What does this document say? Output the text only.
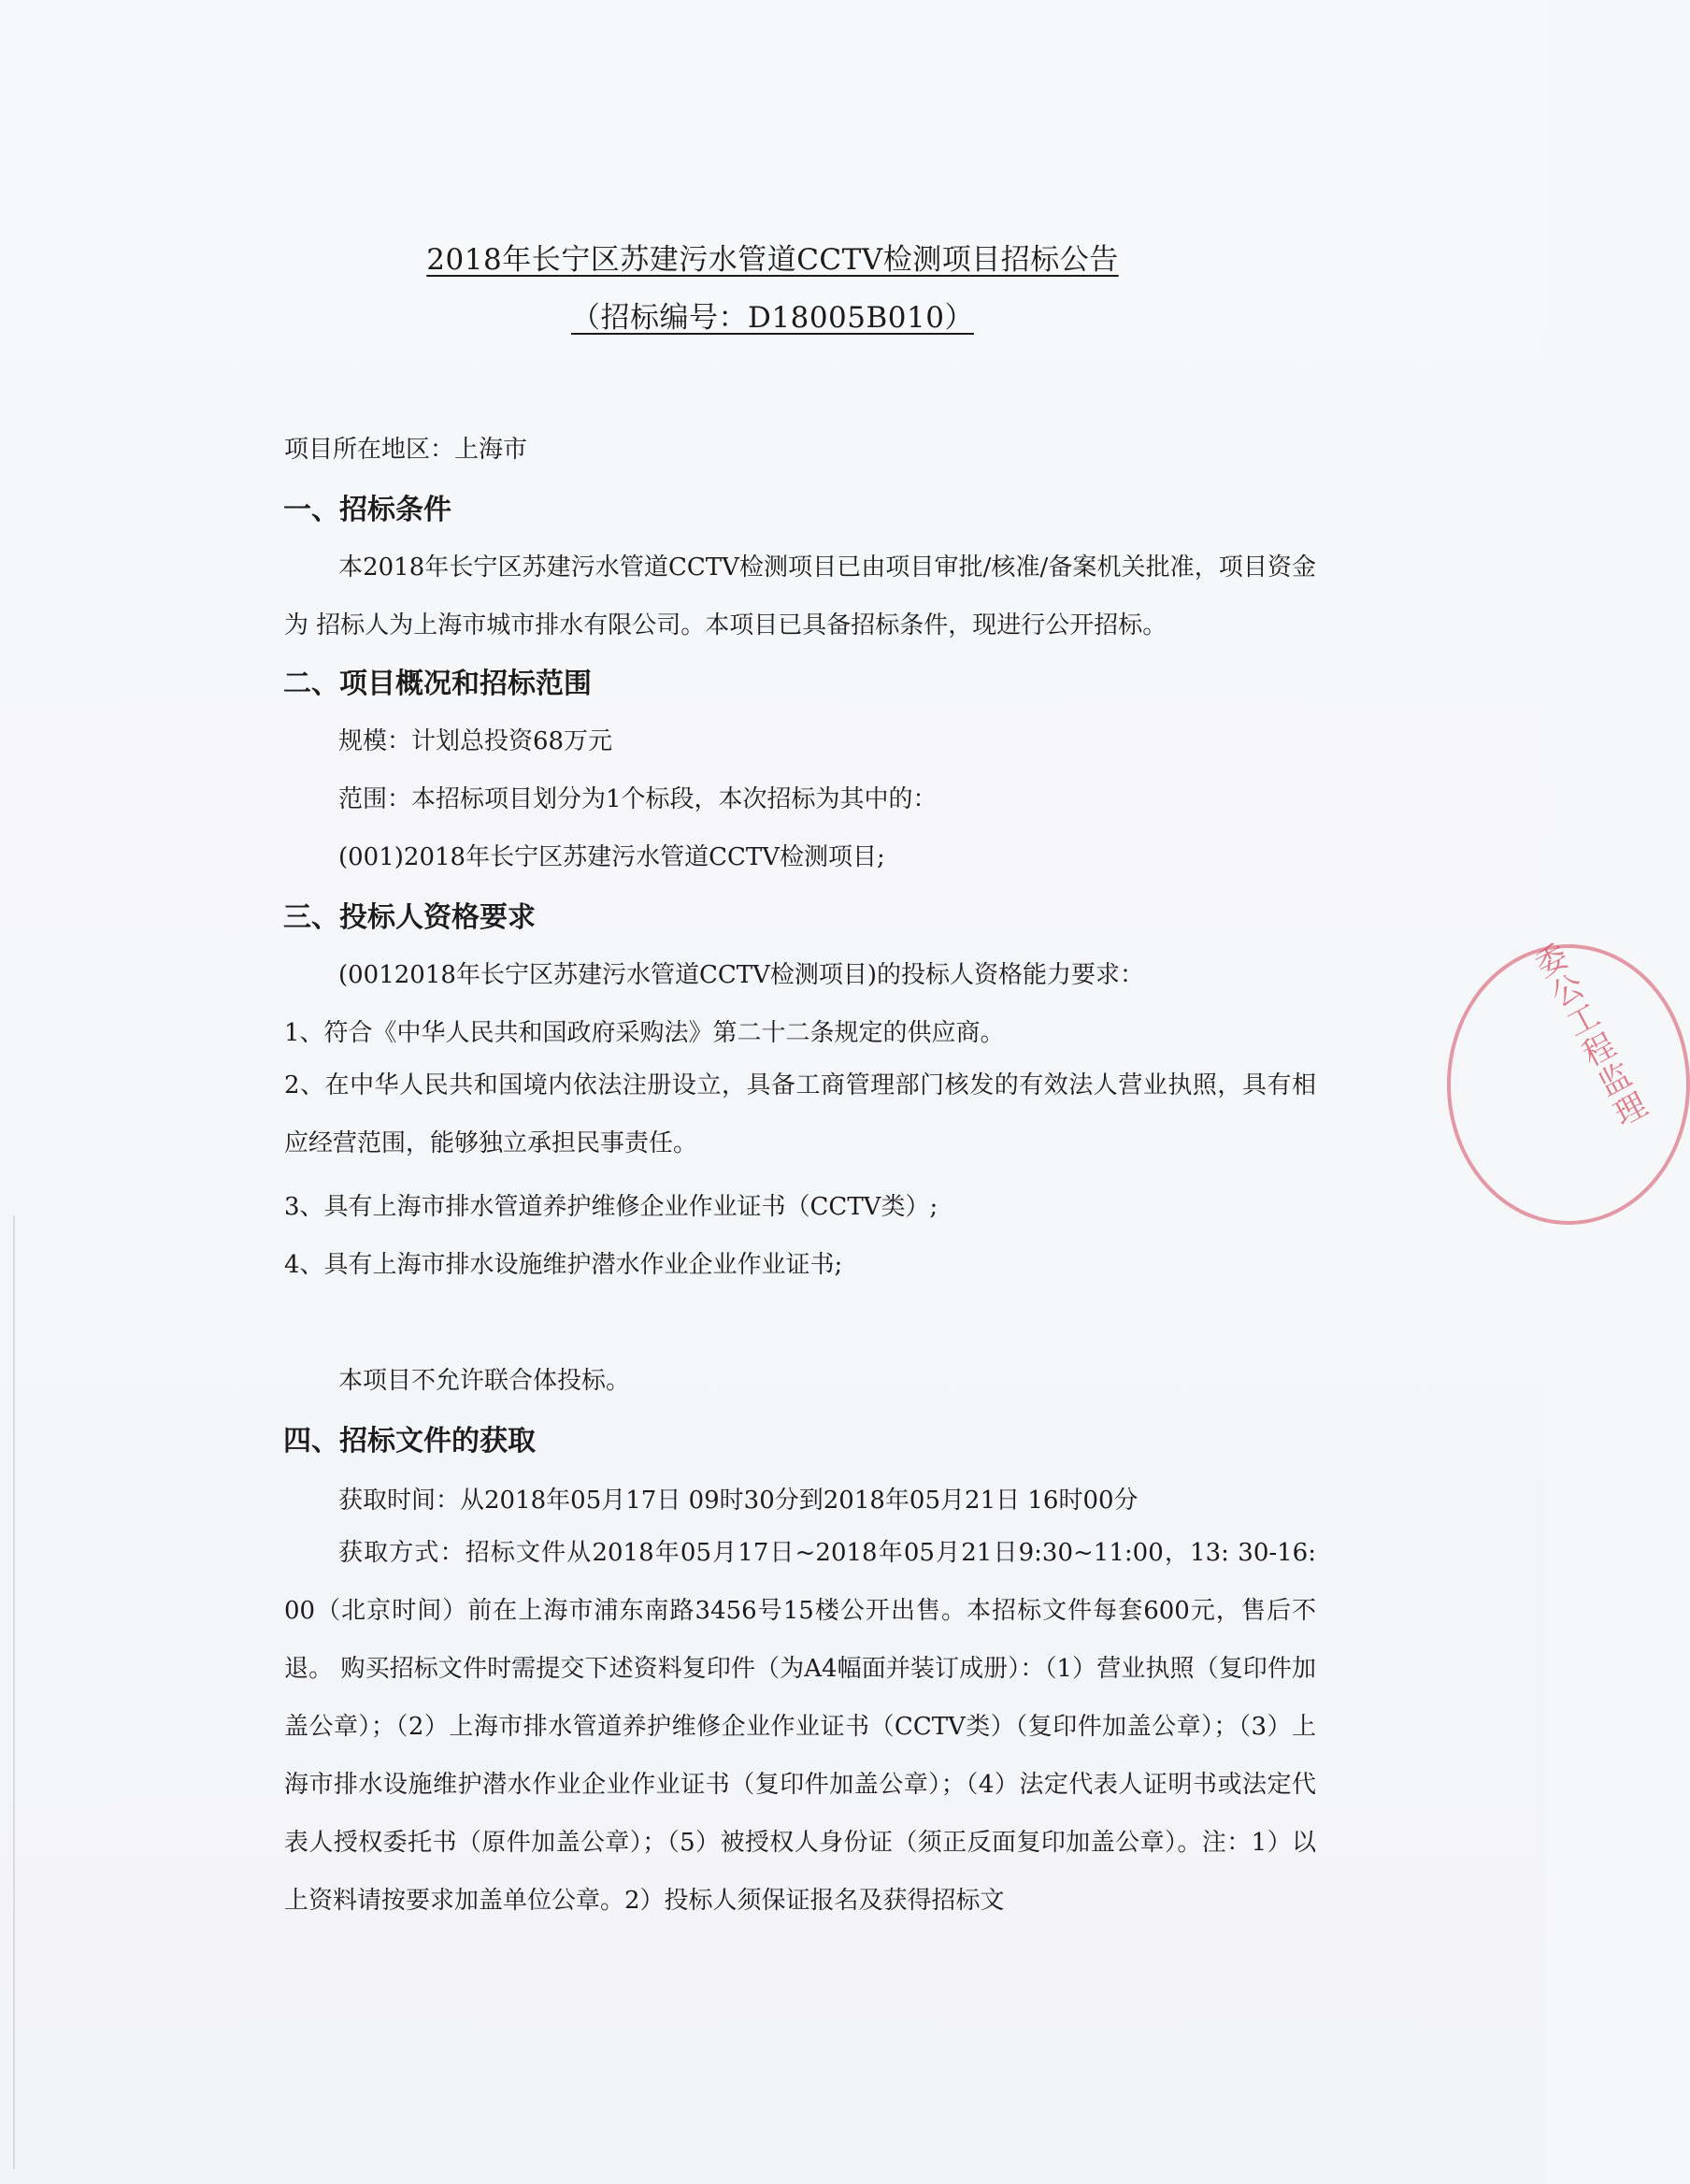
2018年长宁区苏建污水管道CCTV检测项目招标公告
（招标编号：D18005B010）
项目所在地区：上海市
一、招标条件
本2018年长宁区苏建污水管道CCTV检测项目已由项目审批/核准/备案机关批准，项目资金为 招标人为上海市城市排水有限公司。本项目已具备招标条件，现进行公开招标。
二、项目概况和招标范围
规模：计划总投资68万元
范围：本招标项目划分为1个标段，本次招标为其中的：
(001)2018年长宁区苏建污水管道CCTV检测项目;
三、投标人资格要求
(0012018年长宁区苏建污水管道CCTV检测项目)的投标人资格能力要求：
1、符合《中华人民共和国政府采购法》第二十二条规定的供应商。
2、在中华人民共和国境内依法注册设立，具备工商管理部门核发的有效法人营业执照，具有相应经营范围，能够独立承担民事责任。
3、具有上海市排水管道养护维修企业作业证书（CCTV类）;
4、具有上海市排水设施维护潜水作业企业作业证书;
本项目不允许联合体投标。
四、招标文件的获取
获取时间：从2018年05月17日 09时30分到2018年05月21日 16时00分
获取方式：招标文件从2018年05月17日~2018年05月21日9:30~11:00，13: 30-16: 00（北京时间）前在上海市浦东南路3456号15楼公开出售。本招标文件每套600元，售后不退。 购买招标文件时需提交下述资料复印件（为A4幅面并装订成册）：（1）营业执照（复印件加盖公章）；（2）上海市排水管道养护维修企业作业证书（CCTV类）（复印件加盖公章）；（3）上海市排水设施维护潜水作业企业作业证书（复印件加盖公章）；（4）法定代表人证明书或法定代表人授权委托书（原件加盖公章）；（5）被授权人身份证（须正反面复印加盖公章）。注：1）以上资料请按要求加盖单位公章。2）投标人须保证报名及获得招标文
委公工程监理
